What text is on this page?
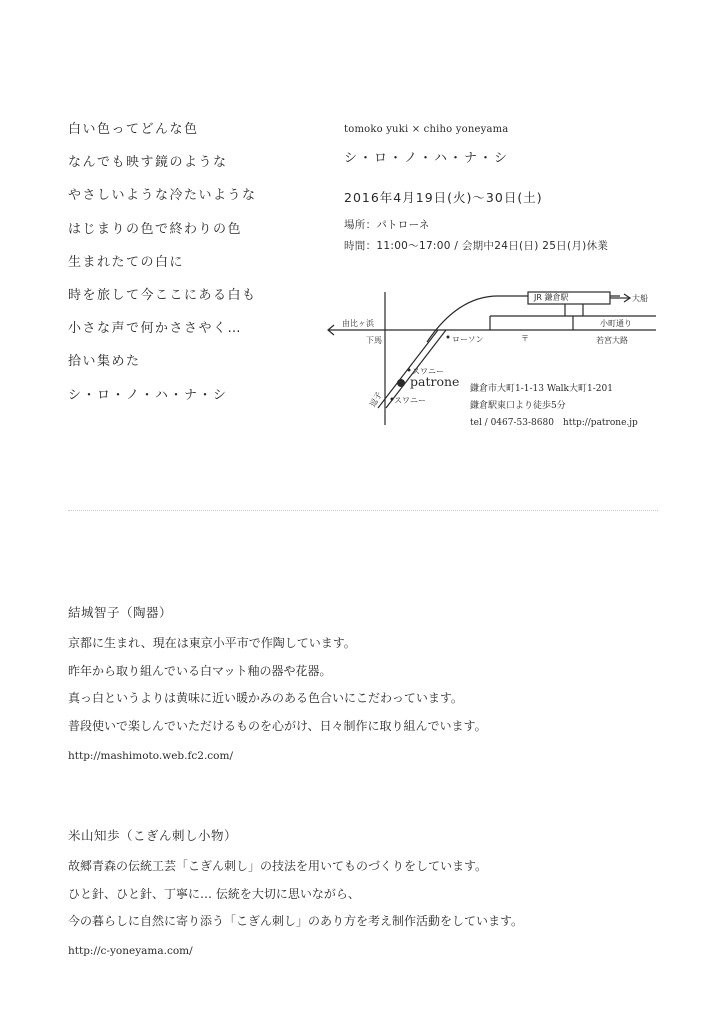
白い色ってどんな色
なんでも映す鏡のような
やさしいような冷たいような
はじまりの色で終わりの色
生まれたての白に
時を旅して今ここにある白も
小さな声で何かささやく…
拾い集めた
シ・ロ・ノ・ハ・ナ・シ
tomoko yuki × chiho yoneyama
シ・ロ・ノ・ハ・ナ・シ
2016年4月19日(火)～30日(土)
場所：パトローネ
時間：11:00～17:00 / 会期中24日(日) 25日(月)休業
JR 鎌倉駅	大船
由比ヶ浜	小町通り
下馬	ローソン	〒	若宮大路
スワニー
スワニー
逗子
patrone 鎌倉市大町1-1-13 Walk大町1-201
鎌倉駅東口より徒歩5分
tel / 0467-53-8680　http://patrone.jp
結城智子（陶器）
京都に生まれ、現在は東京小平市で作陶しています。
昨年から取り組んでいる白マット釉の器や花器。
真っ白というよりは黄味に近い暖かみのある色合いにこだわっています。
普段使いで楽しんでいただけるものを心がけ、日々制作に取り組んでいます。
http://mashimoto.web.fc2.com/
米山知歩（こぎん刺し小物）
故郷青森の伝統工芸「こぎん刺し」の技法を用いてものづくりをしています。
ひと針、ひと針、丁寧に… 伝統を大切に思いながら、
今の暮らしに自然に寄り添う「こぎん刺し」のあり方を考え制作活動をしています。
http://c-yoneyama.com/
